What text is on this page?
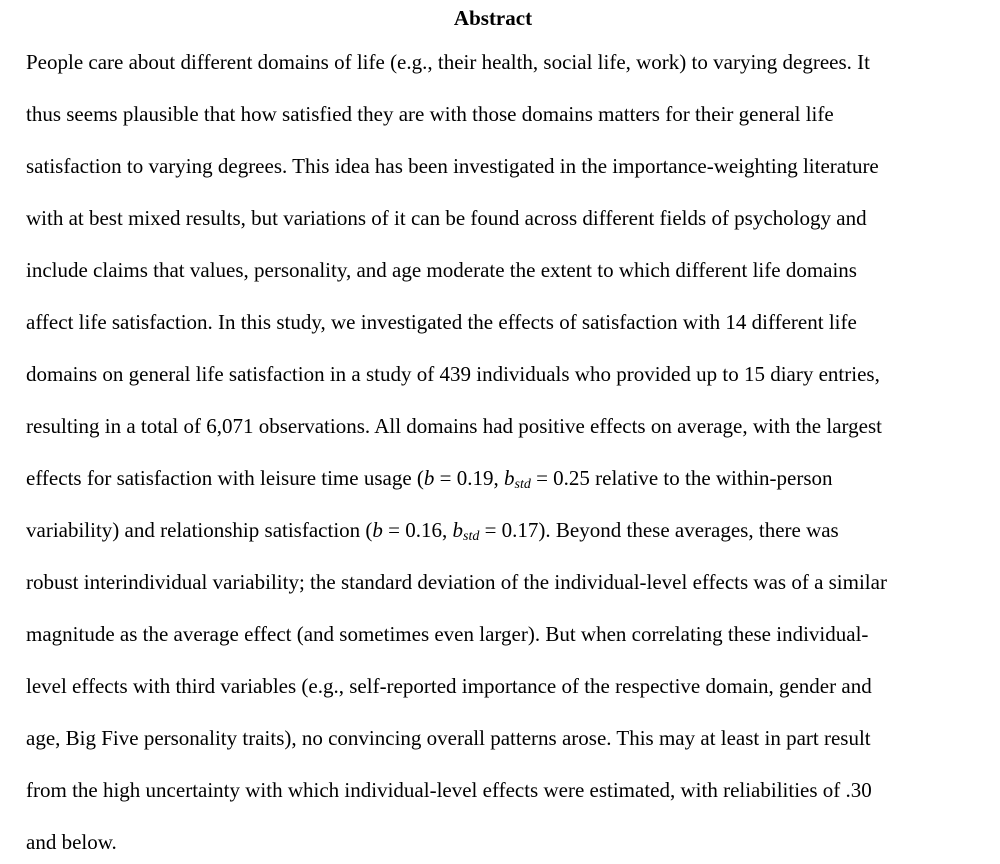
Abstract
People care about different domains of life (e.g., their health, social life, work) to varying degrees. It
thus seems plausible that how satisfied they are with those domains matters for their general life
satisfaction to varying degrees. This idea has been investigated in the importance-weighting literature
with at best mixed results, but variations of it can be found across different fields of psychology and
include claims that values, personality, and age moderate the extent to which different life domains
affect life satisfaction. In this study, we investigated the effects of satisfaction with 14 different life
domains on general life satisfaction in a study of 439 individuals who provided up to 15 diary entries,
resulting in a total of 6,071 observations. All domains had positive effects on average, with the largest
effects for satisfaction with leisure time usage (b = 0.19, $b_{std} = 0.25$ relative to the within-person
variability) and relationship satisfaction (b = 0.16, $b_{std} = 0.17$). Beyond these averages, there was
robust interindividual variability; the standard deviation of the individual-level effects was of a similar
magnitude as the average effect (and sometimes even larger). But when correlating these individual-
level effects with third variables (e.g., self-reported importance of the respective domain, gender and
age, Big Five personality traits), no convincing overall patterns arose. This may at least in part result
from the high uncertainty with which individual-level effects were estimated, with reliabilities of .30
and below.
